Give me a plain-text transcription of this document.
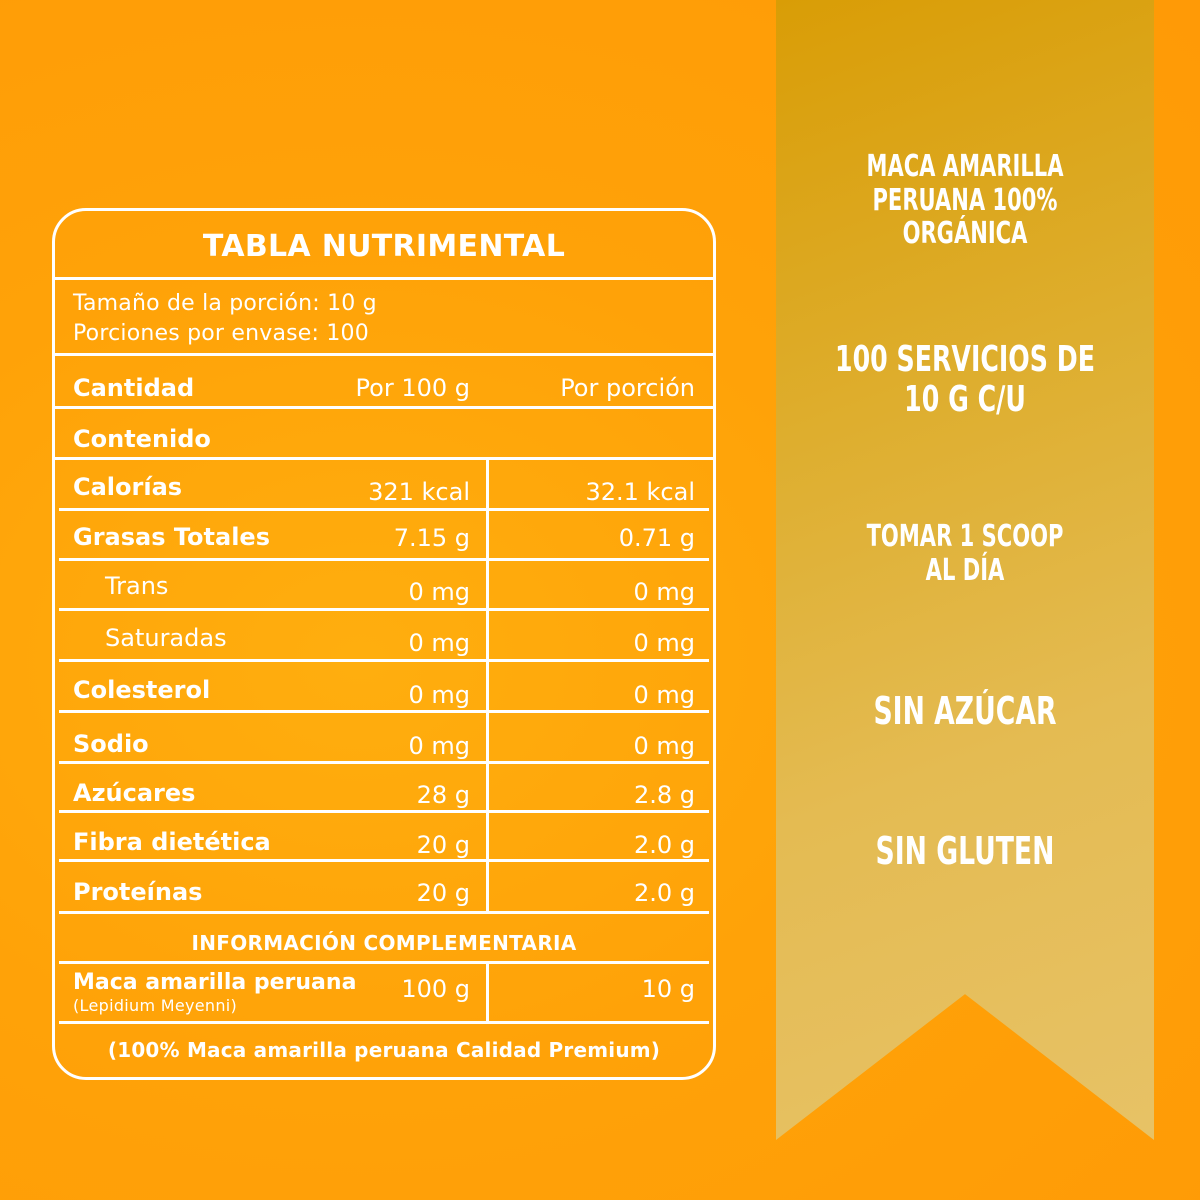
TABLA NUTRIMENTAL
Tamaño de la porción: 10 g
Porciones por envase: 100
Cantidad	Por 100 g	Por porción
Contenido
Calorías	321 kcal	32.1 kcal
Grasas Totales	7.15 g	0.71 g
Trans	0 mg	0 mg
Saturadas	0 mg	0 mg
Colesterol	0 mg	0 mg
Sodio	0 mg	0 mg
Azúcares	28 g	2.8 g
Fibra dietética	20 g	2.0 g
Proteínas	20 g	2.0 g
INFORMACIÓN COMPLEMENTARIA
Maca amarilla peruana
(Lepidium Meyenni)
100 g	10 g
(100% Maca amarilla peruana Calidad Premium)
MACA AMARILLA
PERUANA 100%
ORGÁNICA
100 SERVICIOS DE
10 G C/U
TOMAR 1 SCOOP
AL DÍA
SIN AZÚCAR
SIN GLUTEN
